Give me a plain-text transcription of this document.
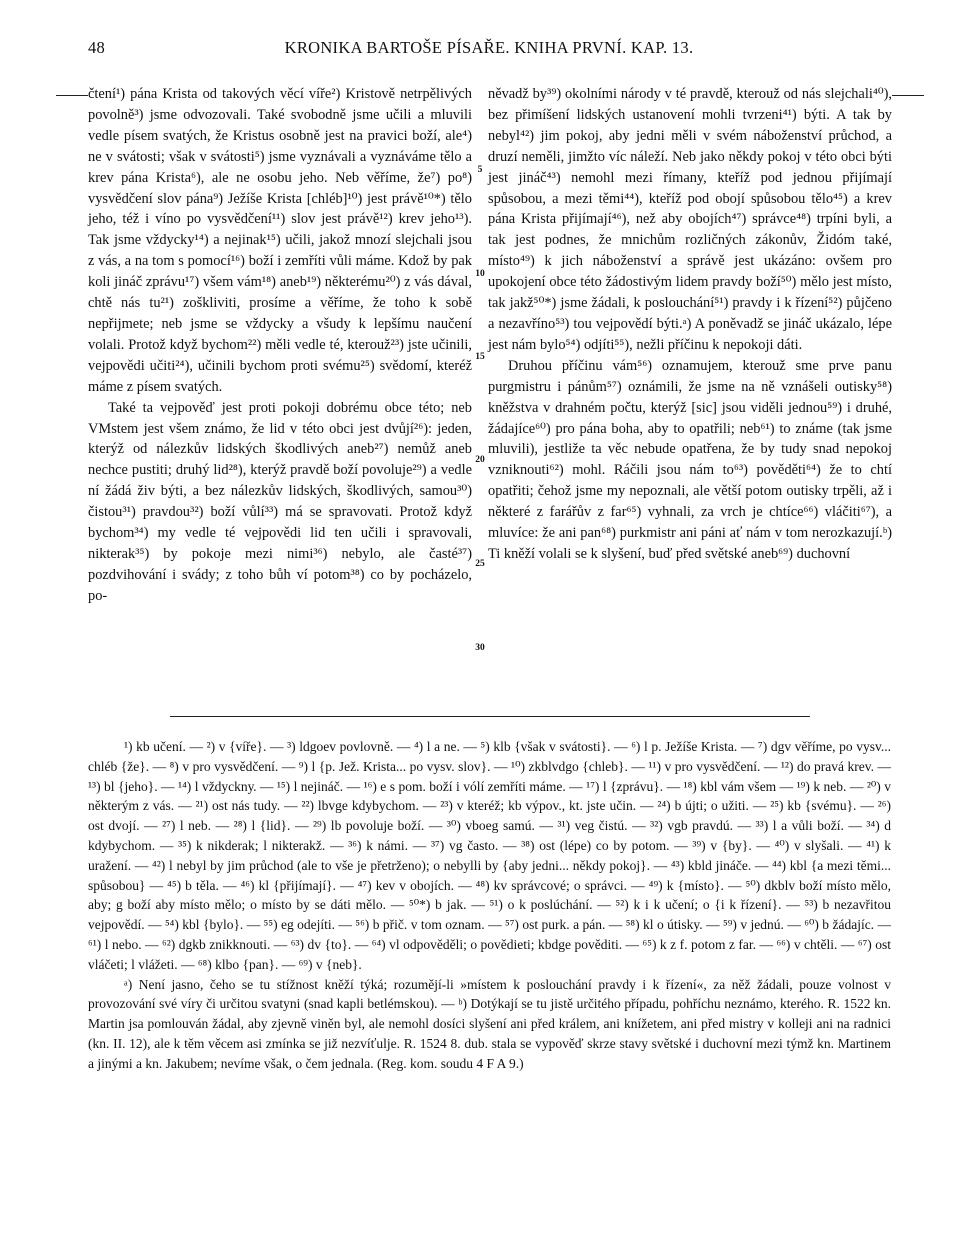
48	KRONIKA BARTOŠE PÍSAŘE. KNIHA PRVNÍ. KAP. 13.

čtení¹) pána Krista od takových věcí víře²) Kristově netrpělivých povolně³) jsme odvozovali. Také svobodně jsme učili a mluvili vedle písem svatých, že Kristus osobně jest na pravici boží, ale⁴) ne v svátosti; však v svátosti⁵) jsme vyznávali a vyznáváme tělo a krev pána Krista⁶), ale ne osobu jeho. Neb věříme, že⁷) po⁸) vysvědčení slov pána⁹) Ježíše Krista [chléb]¹⁰) jest právě¹⁰*) tělo jeho, též i víno po vysvědčení¹¹) slov jest právě¹²) krev jeho¹³). Tak jsme vždycky¹⁴) a nejinak¹⁵) učili, jakož mnozí slejchali jsou z vás, a na tom s pomocí¹⁶) boží i zemříti vůli máme. Kdož by pak koli jináč zprávu¹⁷) všem vám¹⁸) aneb¹⁹) některému²⁰) z vás dával, chtě nás tu²¹) zoškliviti, prosíme a věříme, že toho k sobě nepřijmete; neb jsme se vždycky a všudy k lepšímu naučení volali. Protož když bychom²²) měli vedle té, kterouž²³) jste učinili, vejpovědi učiti²⁴), učinili bychom proti svému²⁵) svědomí, kteréž máme z písem svatých.

Také ta vejpověď jest proti pokoji dobrému obce této; neb VMstem jest všem známo, že lid v této obci jest dvůjí²⁶): jeden, kterýž od nálezkův lidských škodlivých aneb²⁷) nemůž aneb nechce pustiti; druhý lid²⁸), kterýž pravdě boží povoluje²⁹) a vedle ní žádá živ býti, a bez nálezkův lidských, škodlivých, samou³⁰) čistou³¹) pravdou³²) boží vůlí³³) má se spravovati. Protož když bychom³⁴) my vedle té vejpovědi lid ten učili i spravovali, nikterak³⁵) by pokoje mezi nimi³⁶) nebylo, ale časté³⁷) pozdvihování i svády; z toho bůh ví potom³⁸) co by pocházelo, po-

5
10
15
20
25
30

něvadž by³⁹) okolními národy v té pravdě, kterouž od nás slejchali⁴⁰), bez přimíšení lidských ustanovení mohli tvrzeni⁴¹) býti. A tak by nebyl⁴²) jim pokoj, aby jedni měli v svém náboženství průchod, a druzí neměli, jimžto víc náleží. Neb jako někdy pokoj v této obci býti jest jináč⁴³) nemohl mezi římany, kteříž pod jednou přijímají spůsobou, a mezi těmi⁴⁴), kteříž pod obojí spůsobou tělo⁴⁵) a krev pána Krista přijímají⁴⁶), než aby obojích⁴⁷) správce⁴⁸) trpíni byli, a tak jest podnes, že mnichům rozličných zákonův, Židóm také, místo⁴⁹) k jich náboženství a správě jest ukázáno: ovšem pro upokojení obce této žádostivým lidem pravdy boží⁵⁰) mělo jest místo, tak jakž⁵⁰*) jsme žádali, k poslouchání⁵¹) pravdy i k řízení⁵²) půjčeno a nezavříno⁵³) tou vejpovědí býti.ᵃ) A poněvadž se jináč ukázalo, lépe jest nám bylo⁵⁴) odjíti⁵⁵), nežli příčinu k nepokoji dáti.

Druhou příčinu vám⁵⁶) oznamujem, kterouž sme prve panu purgmistru i pánům⁵⁷) oznámili, že jsme na ně vznášeli outisky⁵⁸) kněžstva v drahném počtu, kterýž [sic] jsou viděli jednou⁵⁹) i druhé, žádajíce⁶⁰) pro pána boha, aby to opatřili; neb⁶¹) to známe (tak jsme mluvili), jestliže ta věc nebude opatřena, že by tudy snad nepokoj vzniknouti⁶²) mohl. Ráčili jsou nám to⁶³) pověděti⁶⁴) že to chtí opatřiti; čehož jsme my nepoznali, ale větší potom outisky trpěli, až i některé z farářův z far⁶⁵) vyhnali, za vrch je chtíce⁶⁶) vláčiti⁶⁷), a mluvíce: že ani pan⁶⁸) purkmistr ani páni ať nám v tom nerozkazují.ᵇ) Ti kněží volali se k slyšení, buď před světské aneb⁶⁹) duchovní

¹) kb učení. — ²) v {víře}. — ³) ldgoev povlovně. — ⁴) l a ne. — ⁵) klb {však v svátosti}. — ⁶) l p. Ježíše Krista. — ⁷) dgv věříme, po vysv... chléb {že}. — ⁸) v pro vysvědčení. — ⁹) l {p. Jež. Krista... po vysv. slov}. — ¹⁰) zkblvdgo {chleb}. — ¹¹) v pro vysvědčení. — ¹²) do pravá krev. — ¹³) bl {jeho}. — ¹⁴) l vždycknу. — ¹⁵) l nejináč. — ¹⁶) e s pom. boží i vólí zemříti máme. — ¹⁷) l {zprávu}. — ¹⁸) kbl vám všem — ¹⁹) k neb. — ²⁰) v některým z vás. — ²¹) ost nás tudy. — ²²) lbvge kdybychom. — ²³) v kteréž; kb výpov., kt. jste učin. — ²⁴) b újti; o užiti. — ²⁵) kb {svému}. — ²⁶) ost dvojí. — ²⁷) l neb. — ²⁸) l {lid}. — ²⁹) lb povoluje boží. — ³⁰) vboeg samú. — ³¹) veg čistú. — ³²) vgb pravdú. — ³³) l a vůli boží. — ³⁴) d kdybychom. — ³⁵) k nikderak; l nikterakž. — ³⁶) k námi. — ³⁷) vg často. — ³⁸) ost (lépe) co by potom. — ³⁹) v {by}. — ⁴⁰) v slyšali. — ⁴¹) k uražení. — ⁴²) l nebyl by jim průchod (ale to vše je přetrženo); o nebylli by {aby jedni... někdy pokoj}. — ⁴³) kbld jináče. — ⁴⁴) kbl {a mezi těmi... spůsobou} — ⁴⁵) b těla. — ⁴⁶) kl {přijímají}. — ⁴⁷) kev v obojích. — ⁴⁸) kv správcové; o správci. — ⁴⁹) k {místo}. — ⁵⁰) dkblv boží místo mělo, aby; g boží aby místo mělo; o místo by se dáti mělo. — ⁵⁰*) b jak. — ⁵¹) o k poslúchání. — ⁵²) k i k učení; o {i k řízení}. — ⁵³) b nezavřitou vejpovědí. — ⁵⁴) kbl {bylo}. — ⁵⁵) eg odejíti. — ⁵⁶) b přič. v tom oznam. — ⁵⁷) ost purk. a pán. — ⁵⁸) kl o útisky. — ⁵⁹) v jednú. — ⁶⁰) b žádajíc. — ⁶¹) l nebo. — ⁶²) dgkb znikknouti. — ⁶³) dv {to}. — ⁶⁴) vl odpověděli; o povědieti; kbdge pověditi. — ⁶⁵) k z f. potom z far. — ⁶⁶) v chtěli. — ⁶⁷) ost vláčeti; l vlážeti. — ⁶⁸) klbo {pan}. — ⁶⁹) v {neb}.

ᵃ) Není jasno, čeho se tu stížnost kněží týká; rozumějí-li »místem k poslouchání pravdy i k řízení«, za něž žádali, pouze volnost v provozování své víry či určitou svatyni (snad kapli betlémskou). — ᵇ) Dotýkají se tu jistě určitého případu, pohříchu neznámo, kterého. R. 1522 kn. Martin jsa pomlouván žádal, aby zjevně viněn byl, ale nemohl dosíci slyšení ani před králem, ani knížetem, ani před mistry v kolleji ani na radnici (kn. II. 12), ale k těm věcem asi zmínka se již nezvíťulje. R. 1524 8. dub. stala se vypověď skrze stavy světské i duchovní mezi týmž kn. Martinem a jinými a kn. Jakubem; nevíme však, o čem jednala. (Reg. kom. soudu 4 F A 9.)
